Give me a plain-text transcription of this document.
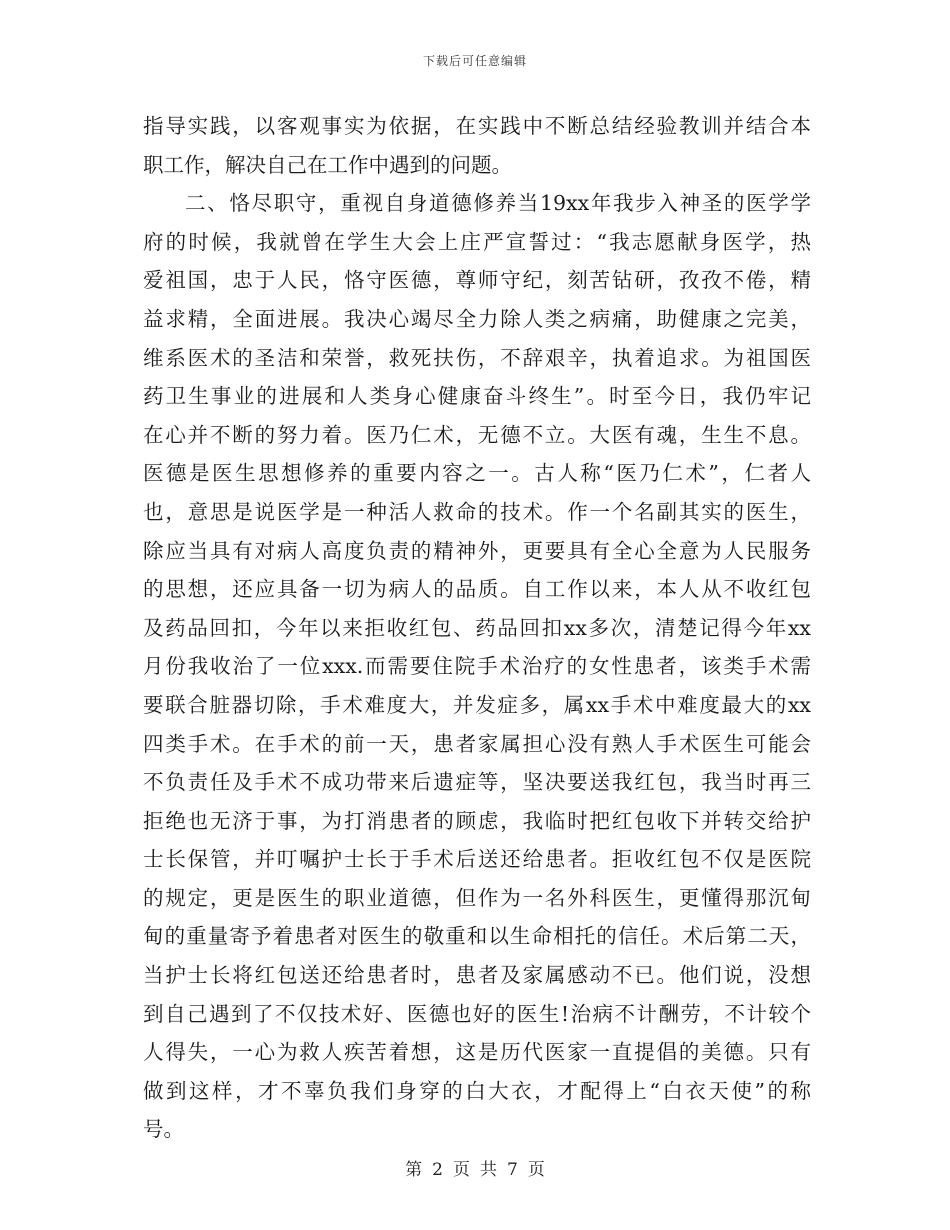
下载后可任意编辑
指导实践，以客观事实为依据，在实践中不断总结经验教训并结合本
职工作，解决自己在工作中遇到的问题。
二、恪尽职守，重视自身道德修养当19xx年我步入神圣的医学学
府的时候，我就曾在学生大会上庄严宣誓过：“我志愿献身医学，热
爱祖国，忠于人民，恪守医德，尊师守纪，刻苦钻研，孜孜不倦，精
益求精，全面进展。我决心竭尽全力除人类之病痛，助健康之完美，
维系医术的圣洁和荣誉，救死扶伤，不辞艰辛，执着追求。为祖国医
药卫生事业的进展和人类身心健康奋斗终生”。时至今日，我仍牢记
在心并不断的努力着。医乃仁术，无德不立。大医有魂，生生不息。
医德是医生思想修养的重要内容之一。古人称“医乃仁术”，仁者人
也，意思是说医学是一种活人救命的技术。作一个名副其实的医生，
除应当具有对病人高度负责的精神外，更要具有全心全意为人民服务
的思想，还应具备一切为病人的品质。自工作以来，本人从不收红包
及药品回扣，今年以来拒收红包、药品回扣xx多次，清楚记得今年xx
月份我收治了一位xxx.而需要住院手术治疗的女性患者，该类手术需
要联合脏器切除，手术难度大，并发症多，属xx手术中难度最大的xx
四类手术。在手术的前一天，患者家属担心没有熟人手术医生可能会
不负责任及手术不成功带来后遗症等，坚决要送我红包，我当时再三
拒绝也无济于事，为打消患者的顾虑，我临时把红包收下并转交给护
士长保管，并叮嘱护士长于手术后送还给患者。拒收红包不仅是医院
的规定，更是医生的职业道德，但作为一名外科医生，更懂得那沉甸
甸的重量寄予着患者对医生的敬重和以生命相托的信任。术后第二天，
当护士长将红包送还给患者时，患者及家属感动不已。他们说，没想
到自己遇到了不仅技术好、医德也好的医生!治病不计酬劳，不计较个
人得失，一心为救人疾苦着想，这是历代医家一直提倡的美德。只有
做到这样，才不辜负我们身穿的白大衣，才配得上“白衣天使”的称
号。
第 2 页 共 7 页
